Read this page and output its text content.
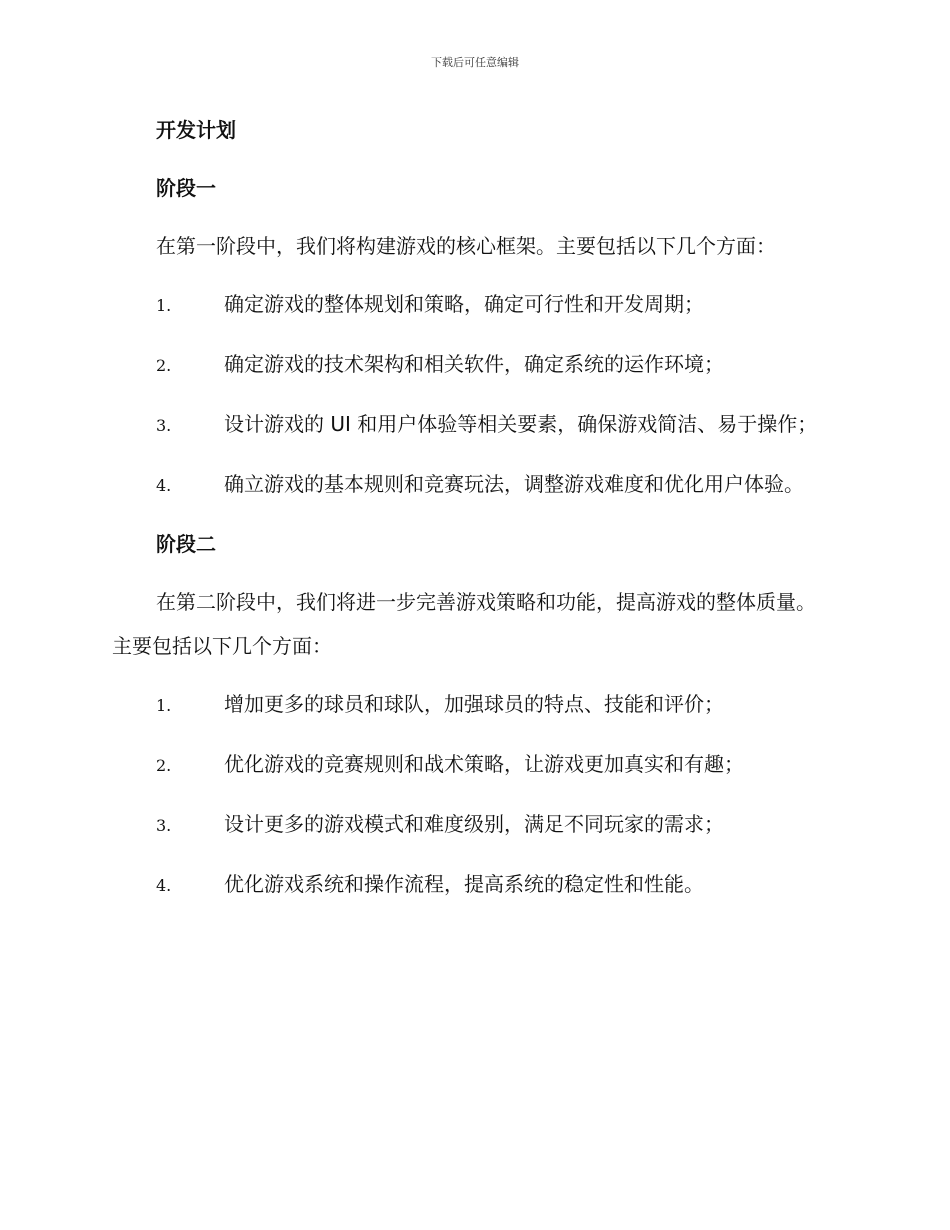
下载后可任意编辑
开发计划
阶段一
在第一阶段中，我们将构建游戏的核心框架。主要包括以下几个方面：
1.	确定游戏的整体规划和策略，确定可行性和开发周期；
2.	确定游戏的技术架构和相关软件，确定系统的运作环境；
3.	设计游戏的 UI 和用户体验等相关要素，确保游戏简洁、易于操作；
4.	确立游戏的基本规则和竞赛玩法，调整游戏难度和优化用户体验。
阶段二
在第二阶段中，我们将进一步完善游戏策略和功能，提高游戏的整体质量。主要包括以下几个方面：
1.	增加更多的球员和球队，加强球员的特点、技能和评价；
2.	优化游戏的竞赛规则和战术策略，让游戏更加真实和有趣；
3.	设计更多的游戏模式和难度级别，满足不同玩家的需求；
4.	优化游戏系统和操作流程，提高系统的稳定性和性能。
